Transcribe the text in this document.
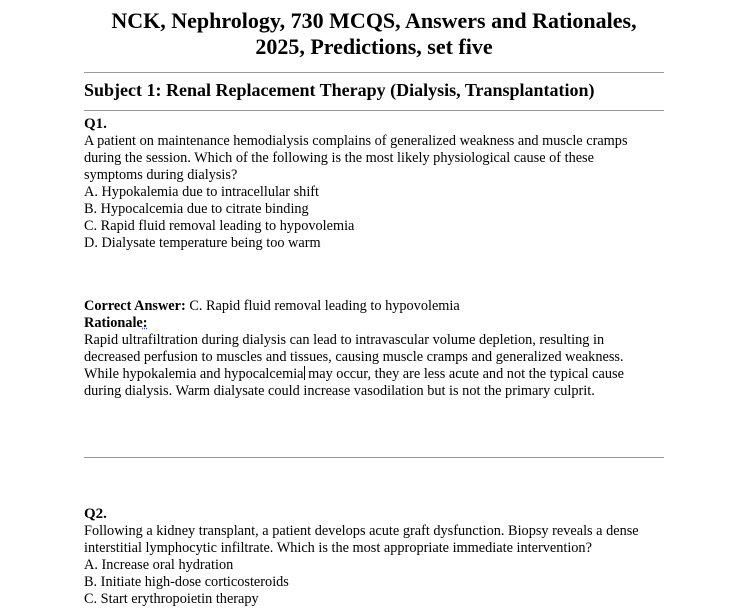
NCK, Nephrology, 730 MCQS, Answers and Rationales,
2025, Predictions, set five
Subject 1: Renal Replacement Therapy (Dialysis, Transplantation)
Q1.
A patient on maintenance hemodialysis complains of generalized weakness and muscle cramps
during the session. Which of the following is the most likely physiological cause of these
symptoms during dialysis?
A. Hypokalemia due to intracellular shift
B. Hypocalcemia due to citrate binding
C. Rapid fluid removal leading to hypovolemia
D. Dialysate temperature being too warm
Correct Answer: C. Rapid fluid removal leading to hypovolemia
Rationale:
Rapid ultrafiltration during dialysis can lead to intravascular volume depletion, resulting in
decreased perfusion to muscles and tissues, causing muscle cramps and generalized weakness.
While hypokalemia and hypocalcemia may occur, they are less acute and not the typical cause
during dialysis. Warm dialysate could increase vasodilation but is not the primary culprit.
Q2.
Following a kidney transplant, a patient develops acute graft dysfunction. Biopsy reveals a dense
interstitial lymphocytic infiltrate. Which is the most appropriate immediate intervention?
A. Increase oral hydration
B. Initiate high-dose corticosteroids
C. Start erythropoietin therapy
